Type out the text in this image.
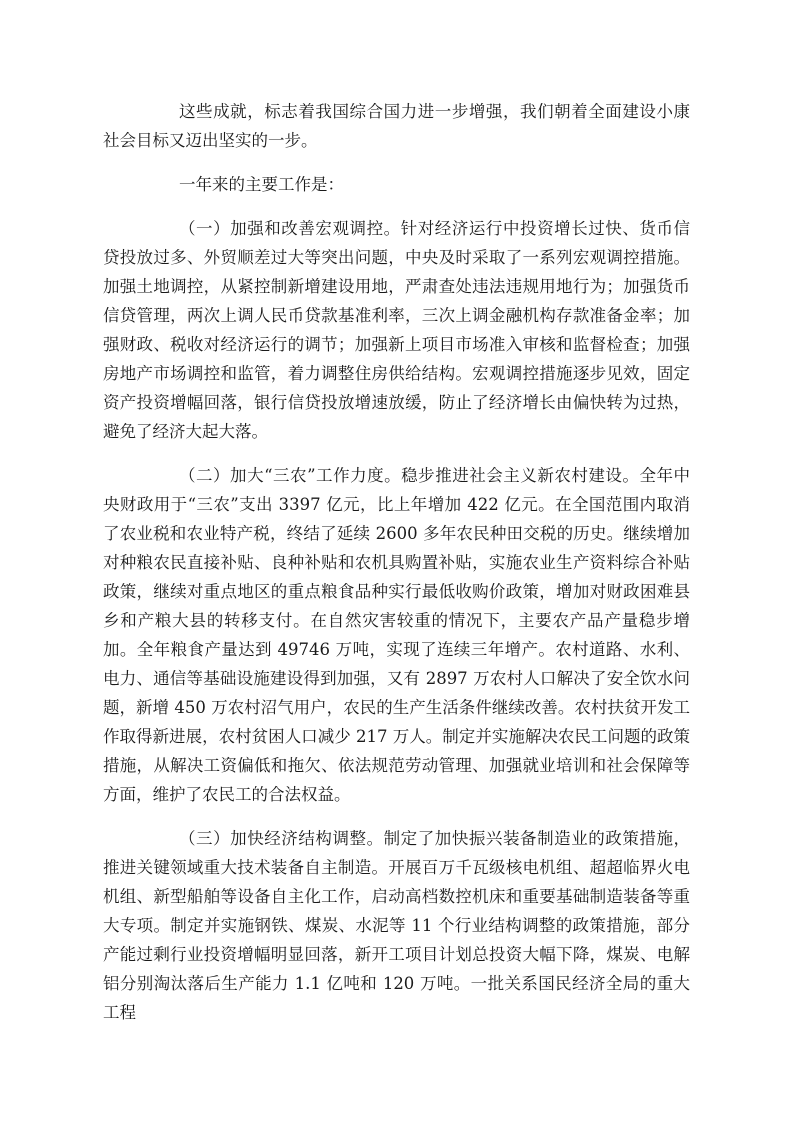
这些成就，标志着我国综合国力进一步增强，我们朝着全面建设小康社会目标又迈出坚实的一步。

一年来的主要工作是：

（一）加强和改善宏观调控。针对经济运行中投资增长过快、货币信贷投放过多、外贸顺差过大等突出问题，中央及时采取了一系列宏观调控措施。加强土地调控，从紧控制新增建设用地，严肃查处违法违规用地行为；加强货币信贷管理，两次上调人民币贷款基准利率，三次上调金融机构存款准备金率；加强财政、税收对经济运行的调节；加强新上项目市场准入审核和监督检查；加强房地产市场调控和监管，着力调整住房供给结构。宏观调控措施逐步见效，固定资产投资增幅回落，银行信贷投放增速放缓，防止了经济增长由偏快转为过热，避免了经济大起大落。

（二）加大“三农”工作力度。稳步推进社会主义新农村建设。全年中央财政用于“三农”支出 3397 亿元，比上年增加 422 亿元。在全国范围内取消了农业税和农业特产税，终结了延续 2600 多年农民种田交税的历史。继续增加对种粮农民直接补贴、良种补贴和农机具购置补贴，实施农业生产资料综合补贴政策，继续对重点地区的重点粮食品种实行最低收购价政策，增加对财政困难县乡和产粮大县的转移支付。在自然灾害较重的情况下，主要农产品产量稳步增加。全年粮食产量达到 49746 万吨，实现了连续三年增产。农村道路、水利、电力、通信等基础设施建设得到加强，又有 2897 万农村人口解决了安全饮水问题，新增 450 万农村沼气用户，农民的生产生活条件继续改善。农村扶贫开发工作取得新进展，农村贫困人口减少 217 万人。制定并实施解决农民工问题的政策措施，从解决工资偏低和拖欠、依法规范劳动管理、加强就业培训和社会保障等方面，维护了农民工的合法权益。

（三）加快经济结构调整。制定了加快振兴装备制造业的政策措施，推进关键领域重大技术装备自主制造。开展百万千瓦级核电机组、超超临界火电机组、新型船舶等设备自主化工作，启动高档数控机床和重要基础制造装备等重大专项。制定并实施钢铁、煤炭、水泥等 11 个行业结构调整的政策措施，部分产能过剩行业投资增幅明显回落，新开工项目计划总投资大幅下降，煤炭、电解铝分别淘汰落后生产能力 1.1 亿吨和 120 万吨。一批关系国民经济全局的重大工程
